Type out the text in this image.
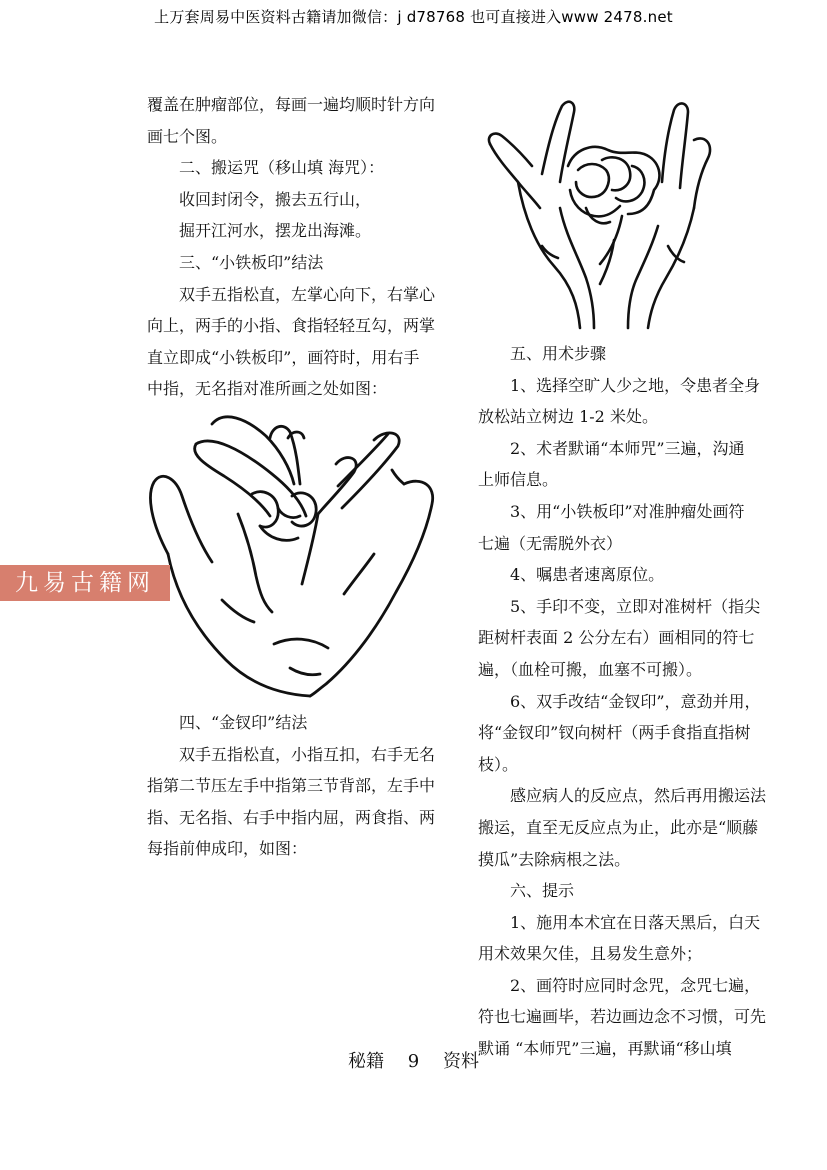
上万套周易中医资料古籍请加微信：j d78768 也可直接进入www 2478.net

覆盖在肿瘤部位，每画一遍均顺时针方向

画七个图。

二、搬运咒（移山填 海咒）：

收回封闭令，搬去五行山，

掘开江河水，摆龙出海滩。

三、“小铁板印”结法

双手五指松直，左掌心向下，右掌心

向上，两手的小指、食指轻轻互勾，两掌

直立即成“小铁板印”，画符时，用右手

中指，无名指对准所画之处如图：

四、“金钗印”结法

双手五指松直，小指互扣，右手无名

指第二节压左手中指第三节背部，左手中

指、无名指、右手中指内屈，两食指、两

每指前伸成印，如图：

五、用术步骤

1、选择空旷人少之地，令患者全身

放松站立树边 1-2 米处。

2、术者默诵“本师咒”三遍，沟通

上师信息。

3、用“小铁板印”对准肿瘤处画符

七遍（无需脱外衣）

4、嘱患者速离原位。

5、手印不变，立即对准树杆（指尖

距树杆表面 2 公分左右）画相同的符七

遍，（血栓可搬，血塞不可搬）。

6、双手改结“金钗印”，意劲并用，

将“金钗印”钗向树杆（两手食指直指树

枝）。

感应病人的反应点，然后再用搬运法

搬运，直至无反应点为止，此亦是“顺藤

摸瓜”去除病根之法。

六、提示

1、施用本术宜在日落天黑后，白天

用术效果欠佳，且易发生意外；

2、画符时应同时念咒，念咒七遍，

符也七遍画毕，若边画边念不习惯，可先

默诵 “本师咒”三遍，再默诵“移山填

九易古籍网
秘籍 9 资料
